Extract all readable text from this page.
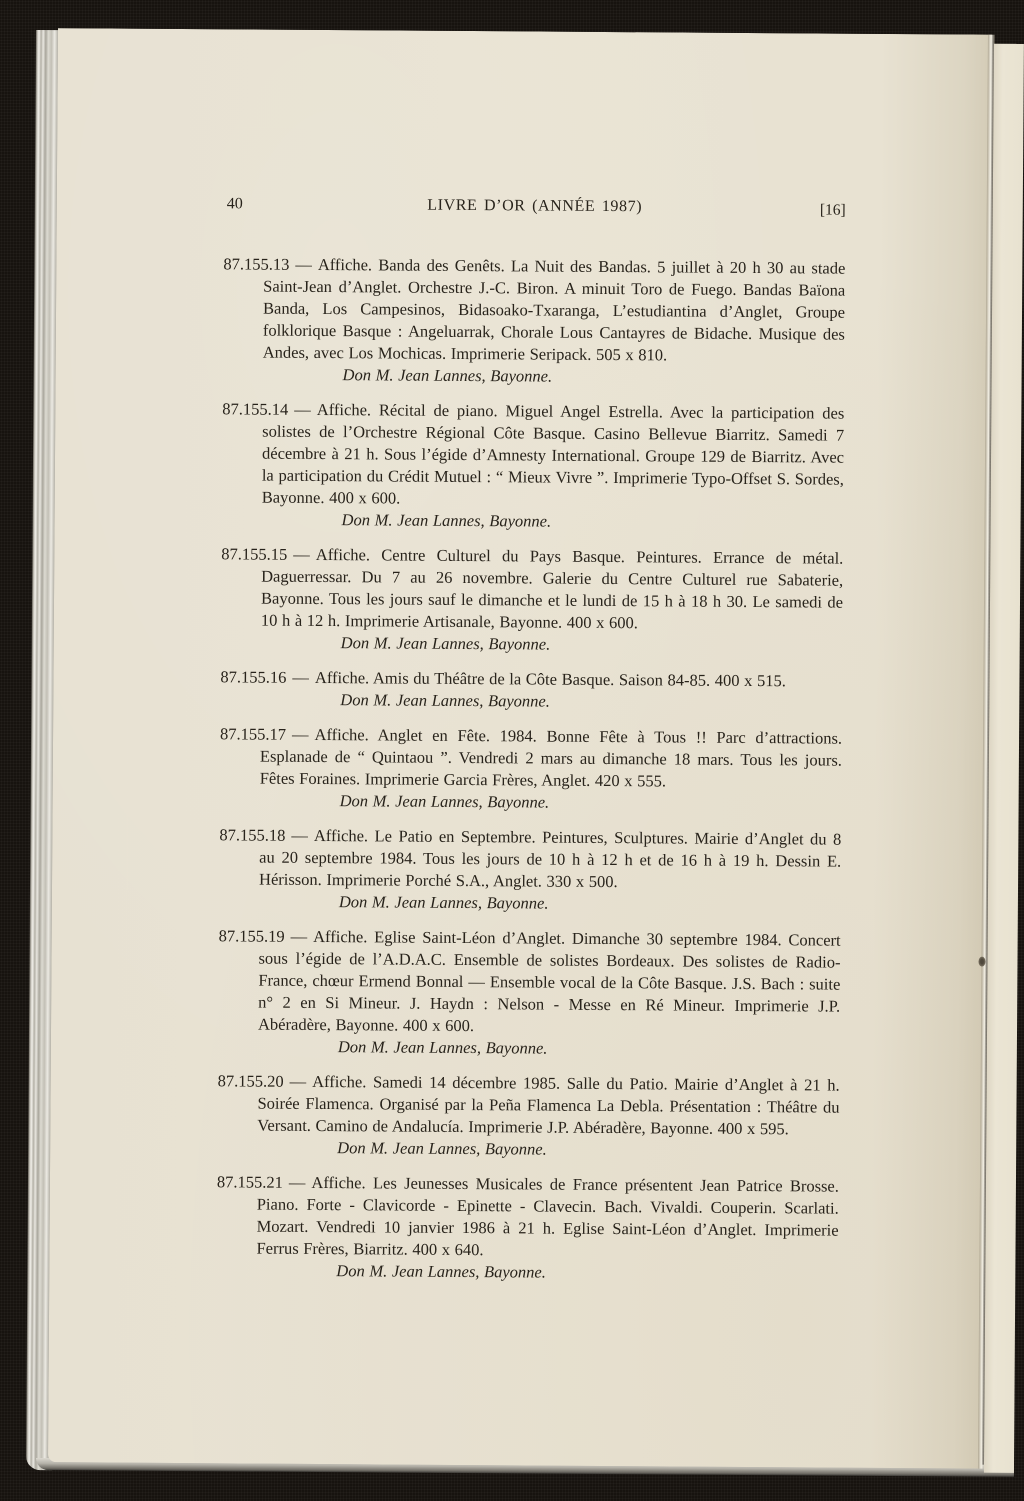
40	LIVRE D’OR (ANNÉE 1987)	[16]

87.155.13 — Affiche. Banda des Genêts. La Nuit des Bandas. 5 juillet à 20 h 30 au stade Saint-Jean d’Anglet. Orchestre J.-C. Biron. A minuit Toro de Fuego. Bandas Baïona Banda, Los Campesinos, Bidasoako-Txaranga, L’estudiantina d’Anglet, Groupe folklorique Basque : Angeluarrak, Chorale Lous Cantayres de Bidache. Musique des Andes, avec Los Mochicas. Imprimerie Seripack. 505 x 810.
Don M. Jean Lannes, Bayonne.

87.155.14 — Affiche. Récital de piano. Miguel Angel Estrella. Avec la participation des solistes de l’Orchestre Régional Côte Basque. Casino Bellevue Biarritz. Samedi 7 décembre à 21 h. Sous l’égide d’Amnesty International. Groupe 129 de Biarritz. Avec la participation du Crédit Mutuel : “ Mieux Vivre ”. Imprimerie Typo-Offset S. Sordes, Bayonne. 400 x 600.
Don M. Jean Lannes, Bayonne.

87.155.15 — Affiche. Centre Culturel du Pays Basque. Peintures. Errance de métal. Daguerressar. Du 7 au 26 novembre. Galerie du Centre Culturel rue Sabaterie, Bayonne. Tous les jours sauf le dimanche et le lundi de 15 h à 18 h 30. Le samedi de 10 h à 12 h. Imprimerie Artisanale, Bayonne. 400 x 600.
Don M. Jean Lannes, Bayonne.

87.155.16 — Affiche. Amis du Théâtre de la Côte Basque. Saison 84-85. 400 x 515.
Don M. Jean Lannes, Bayonne.

87.155.17 — Affiche. Anglet en Fête. 1984. Bonne Fête à Tous !! Parc d’attractions. Esplanade de “ Quintaou ”. Vendredi 2 mars au dimanche 18 mars. Tous les jours. Fêtes Foraines. Imprimerie Garcia Frères, Anglet. 420 x 555.
Don M. Jean Lannes, Bayonne.

87.155.18 — Affiche. Le Patio en Septembre. Peintures, Sculptures. Mairie d’Anglet du 8 au 20 septembre 1984. Tous les jours de 10 h à 12 h et de 16 h à 19 h. Dessin E. Hérisson. Imprimerie Porché S.A., Anglet. 330 x 500.
Don M. Jean Lannes, Bayonne.

87.155.19 — Affiche. Eglise Saint-Léon d’Anglet. Dimanche 30 septembre 1984. Concert sous l’égide de l’A.D.A.C. Ensemble de solistes Bordeaux. Des solistes de Radio-France, chœur Ermend Bonnal — Ensemble vocal de la Côte Basque. J.S. Bach : suite n° 2 en Si Mineur. J. Haydn : Nelson - Messe en Ré Mineur. Imprimerie J.P. Abéradère, Bayonne. 400 x 600.
Don M. Jean Lannes, Bayonne.

87.155.20 — Affiche. Samedi 14 décembre 1985. Salle du Patio. Mairie d’Anglet à 21 h. Soirée Flamenca. Organisé par la Peña Flamenca La Debla. Présentation : Théâtre du Versant. Camino de Andalucía. Imprimerie J.P. Abéradère, Bayonne. 400 x 595.
Don M. Jean Lannes, Bayonne.

87.155.21 — Affiche. Les Jeunesses Musicales de France présentent Jean Patrice Brosse. Piano. Forte - Clavicorde - Epinette - Clavecin. Bach. Vivaldi. Couperin. Scarlati. Mozart. Vendredi 10 janvier 1986 à 21 h. Eglise Saint-Léon d’Anglet. Imprimerie Ferrus Frères, Biarritz. 400 x 640.
Don M. Jean Lannes, Bayonne.
